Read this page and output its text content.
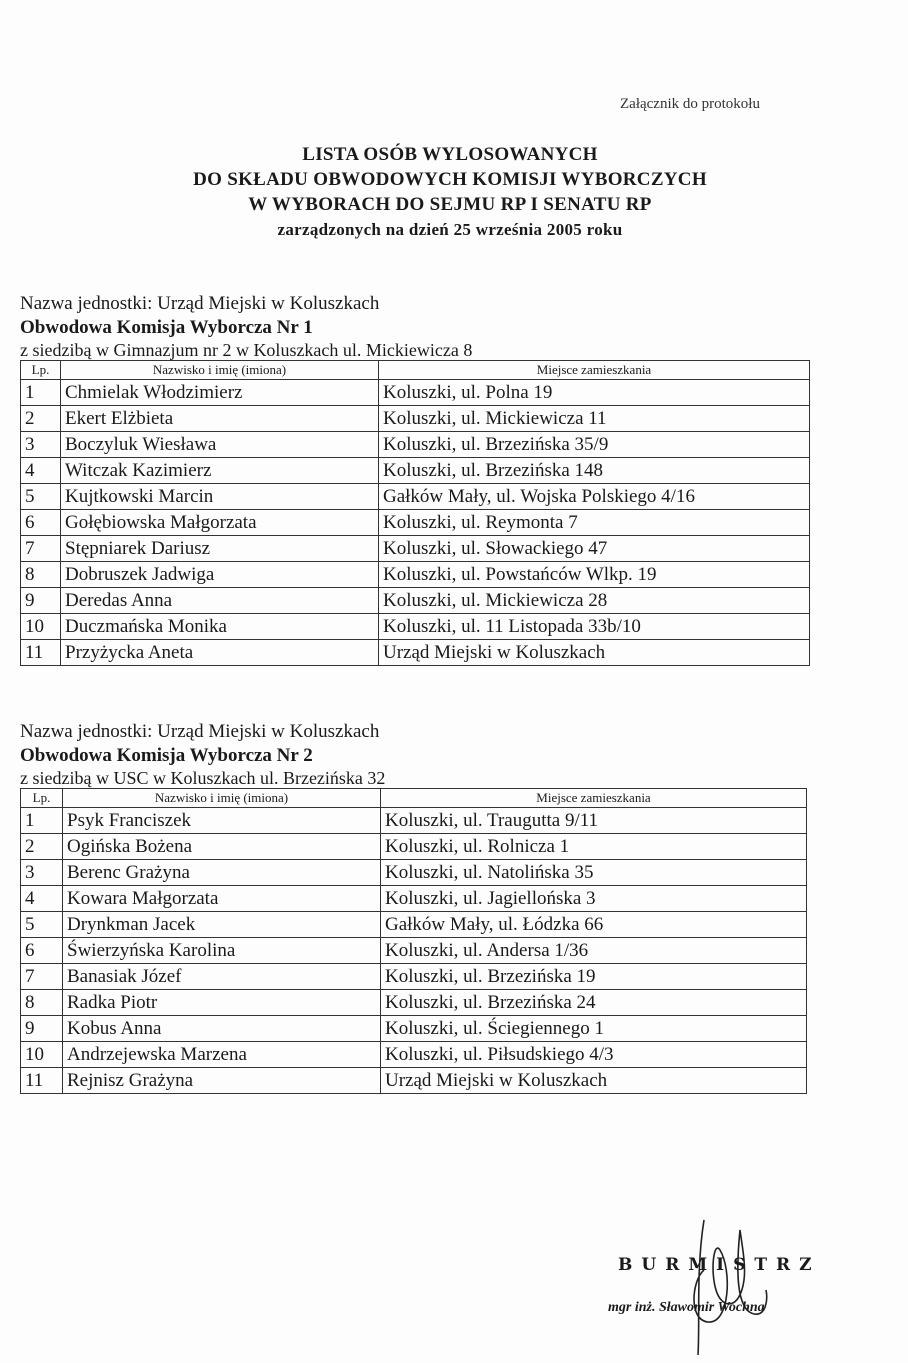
Załącznik do protokołu
LISTA OSÓB WYLOSOWANYCH
DO SKŁADU OBWODOWYCH KOMISJI WYBORCZYCH
W WYBORACH DO SEJMU RP I SENATU RP
zarządzonych na dzień 25 września 2005 roku
Nazwa jednostki: Urząd Miejski w Koluszkach
Obwodowa Komisja Wyborcza Nr 1
z siedzibą w Gimnazjum nr 2 w Koluszkach ul. Mickiewicza 8
Lp.	Nazwisko i imię (imiona)	Miejsce zamieszkania
1	Chmielak Włodzimierz	Koluszki, ul. Polna 19
2	Ekert Elżbieta	Koluszki, ul. Mickiewicza 11
3	Boczyluk Wiesława	Koluszki, ul. Brzezińska 35/9
4	Witczak Kazimierz	Koluszki, ul. Brzezińska 148
5	Kujtkowski Marcin	Gałków Mały, ul. Wojska Polskiego 4/16
6	Gołębiowska Małgorzata	Koluszki, ul. Reymonta 7
7	Stępniarek Dariusz	Koluszki, ul. Słowackiego 47
8	Dobruszek Jadwiga	Koluszki, ul. Powstańców Wlkp. 19
9	Deredas Anna	Koluszki, ul. Mickiewicza 28
10	Duczmańska Monika	Koluszki, ul. 11 Listopada 33b/10
11	Przyżycka Aneta	Urząd Miejski w Koluszkach
Nazwa jednostki: Urząd Miejski w Koluszkach
Obwodowa Komisja Wyborcza Nr 2
z siedzibą w USC w Koluszkach ul. Brzezińska 32
Lp.	Nazwisko i imię (imiona)	Miejsce zamieszkania
1	Psyk Franciszek	Koluszki, ul. Traugutta 9/11
2	Ogińska Bożena	Koluszki, ul. Rolnicza 1
3	Berenc Grażyna	Koluszki, ul. Natolińska 35
4	Kowara Małgorzata	Koluszki, ul. Jagiellońska 3
5	Drynkman Jacek	Gałków Mały, ul. Łódzka 66
6	Świerzyńska Karolina	Koluszki, ul. Andersa 1/36
7	Banasiak Józef	Koluszki, ul. Brzezińska 19
8	Radka Piotr	Koluszki, ul. Brzezińska 24
9	Kobus Anna	Koluszki, ul. Ściegiennego 1
10	Andrzejewska Marzena	Koluszki, ul. Piłsudskiego 4/3
11	Rejnisz Grażyna	Urząd Miejski w Koluszkach
BURMISTRZ
mgr inż. Sławomir Wochna
